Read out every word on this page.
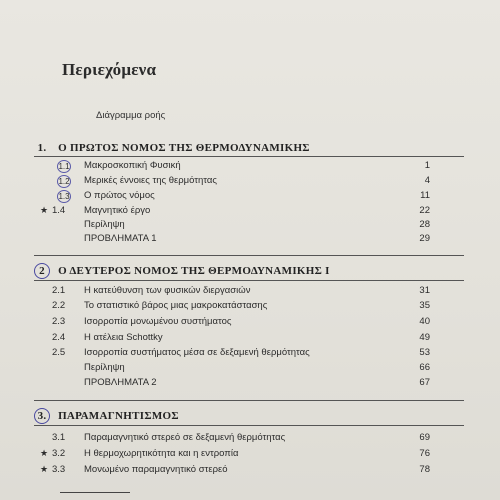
Περιεχόμενα
Διάγραμμα ροής
1. Ο ΠΡΩΤΟΣ ΝΟΜΟΣ ΤΗΣ ΘΕΡΜΟΔΥΝΑΜΙΚΗΣ
1.1 Μακροσκοπική Φυσική	1
1.2 Μερικές έννοιες της θερμότητας	4
1.3 Ο πρώτος νόμος	11
★ 1.4	Μαγνητικό έργο	22
Περίληψη	28
ΠΡΟΒΛΗΜΑΤΑ 1	29
2 Ο ΔΕΥΤΕΡΟΣ ΝΟΜΟΣ ΤΗΣ ΘΕΡΜΟΔΥΝΑΜΙΚΗΣ I
2.1	Η κατεύθυνση των φυσικών διεργασιών	31
2.2	Το στατιστικό βάρος μιας μακροκατάστασης	35
2.3	Ισορροπία μονωμένου συστήματος	40
2.4	Η ατέλεια Schottky	49
2.5	Ισορροπία συστήματος μέσα σε δεξαμενή θερμότητας	53
Περίληψη	66
ΠΡΟΒΛΗΜΑΤΑ 2	67
3. ΠΑΡΑΜΑΓΝΗΤΙΣΜΟΣ
3.1	Παραμαγνητικό στερεό σε δεξαμενή θερμότητας	69
★ 3.2	Η θερμοχωρητικότητα και η εντροπία	76
★ 3.3	Μονωμένο παραμαγνητικό στερεό	78
